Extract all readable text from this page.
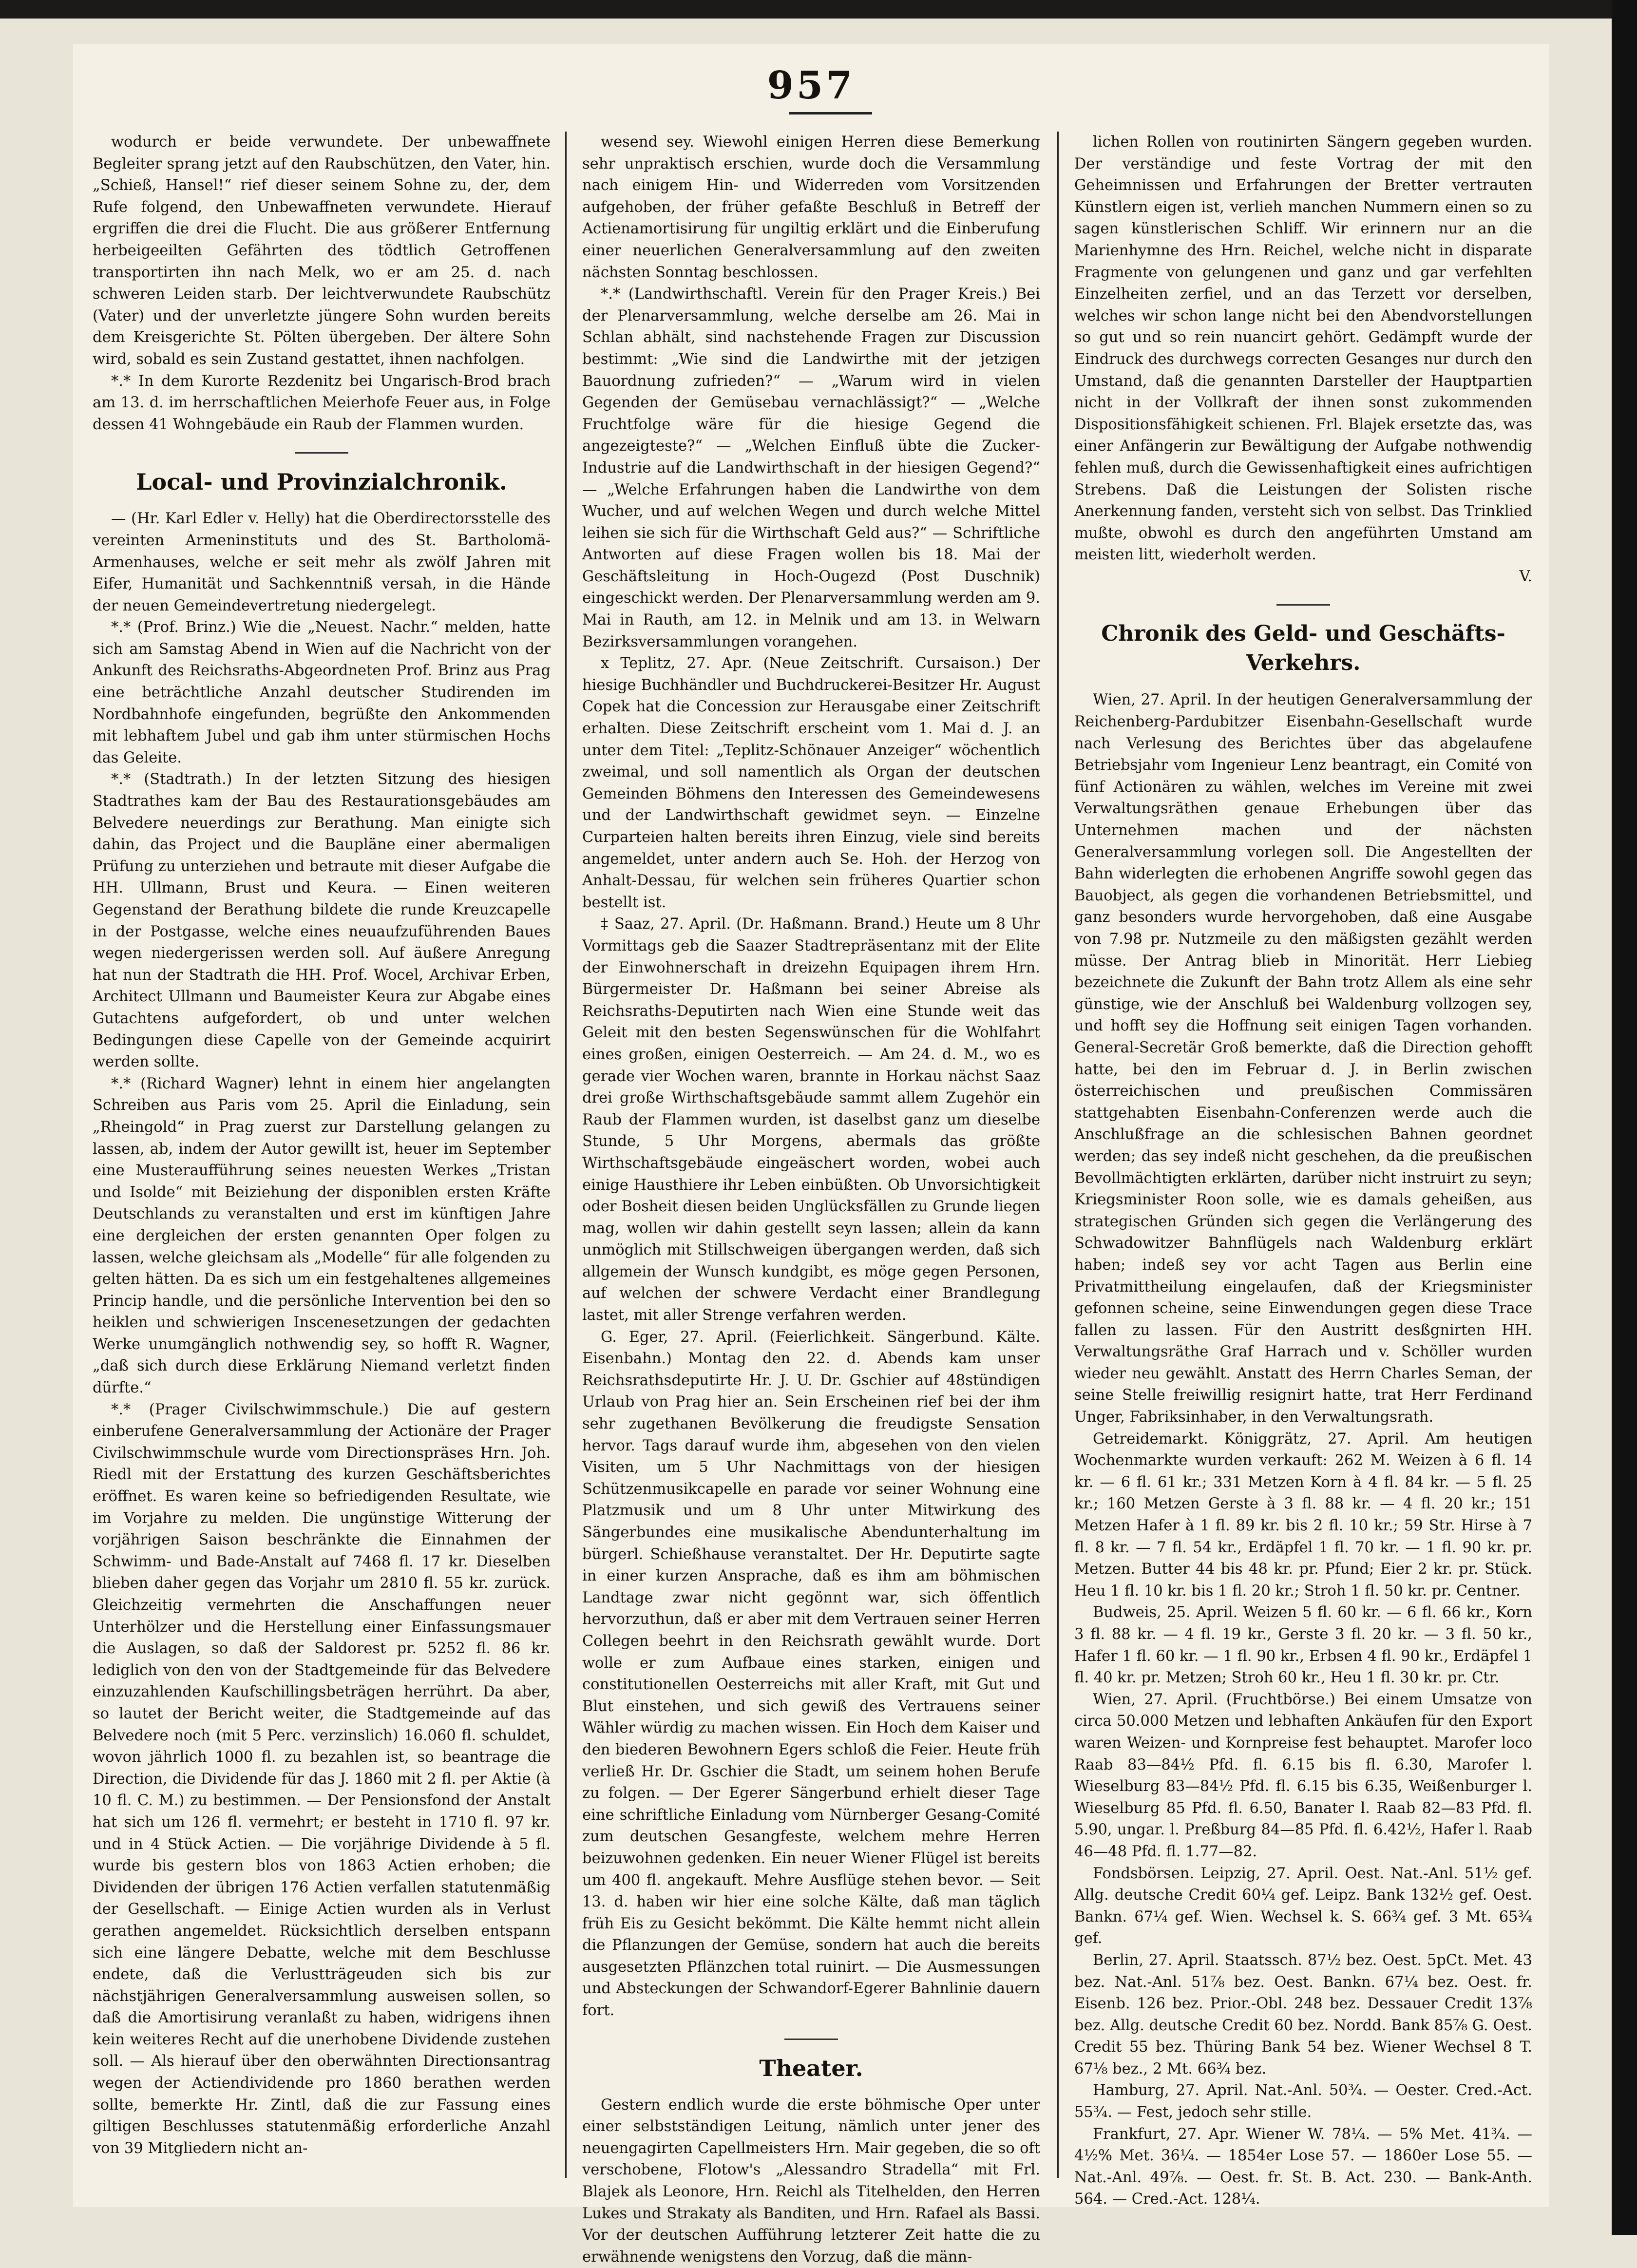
957

wodurch er beide verwundete. Der unbewaffnete Begleiter sprang jetzt auf den Raubschützen, den Vater, hin. „Schieß, Hansel!“ rief dieser seinem Sohne zu, der, dem Rufe folgend, den Unbewaffneten verwundete. Hierauf ergriffen die drei die Flucht. Die aus größerer Entfernung herbeigeeilten Gefährten des tödtlich Getroffenen transportirten ihn nach Melk, wo er am 25. d. nach schweren Leiden starb. Der leichtverwundete Raubschütz (Vater) und der unverletzte jüngere Sohn wurden bereits dem Kreisgerichte St. Pölten übergeben. Der ältere Sohn wird, sobald es sein Zustand gestattet, ihnen nachfolgen.

*.* In dem Kurorte Rezdenitz bei Ungarisch-Brod brach am 13. d. im herrschaftlichen Meierhofe Feuer aus, in Folge dessen 41 Wohngebäude ein Raub der Flammen wurden.

Local- und Provinzialchronik.

— (Hr. Karl Edler v. Helly) hat die Oberdirectorsstelle des vereinten Armeninstituts und des St. Bartholomä-Armenhauses, welche er seit mehr als zwölf Jahren mit Eifer, Humanität und Sachkenntniß versah, in die Hände der neuen Gemeindevertretung niedergelegt.

*.* (Prof. Brinz.) Wie die „Neuest. Nachr.“ melden, hatte sich am Samstag Abend in Wien auf die Nachricht von der Ankunft des Reichsraths-Abgeordneten Prof. Brinz aus Prag eine beträchtliche Anzahl deutscher Studirenden im Nordbahnhofe eingefunden, begrüßte den Ankommenden mit lebhaftem Jubel und gab ihm unter stürmischen Hochs das Geleite.

*.* (Stadtrath.) In der letzten Sitzung des hiesigen Stadtrathes kam der Bau des Restaurationsgebäudes am Belvedere neuerdings zur Berathung. Man einigte sich dahin, das Project und die Baupläne einer abermaligen Prüfung zu unterziehen und betraute mit dieser Aufgabe die HH. Ullmann, Brust und Keura. — Einen weiteren Gegenstand der Berathung bildete die runde Kreuzcapelle in der Postgasse, welche eines neuaufzuführenden Baues wegen niedergerissen werden soll. Auf äußere Anregung hat nun der Stadtrath die HH. Prof. Wocel, Archivar Erben, Architect Ullmann und Baumeister Keura zur Abgabe eines Gutachtens aufgefordert, ob und unter welchen Bedingungen diese Capelle von der Gemeinde acquirirt werden sollte.

*.* (Richard Wagner) lehnt in einem hier angelangten Schreiben aus Paris vom 25. April die Einladung, sein „Rheingold“ in Prag zuerst zur Darstellung gelangen zu lassen, ab, indem der Autor gewillt ist, heuer im September eine Musteraufführung seines neuesten Werkes „Tristan und Isolde“ mit Beiziehung der disponiblen ersten Kräfte Deutschlands zu veranstalten und erst im künftigen Jahre eine dergleichen der ersten genannten Oper folgen zu lassen, welche gleichsam als „Modelle“ für alle folgenden zu gelten hätten. Da es sich um ein festgehaltenes allgemeines Princip handle, und die persönliche Intervention bei den so heiklen und schwierigen Inscenesetzungen der gedachten Werke unumgänglich nothwendig sey, so hofft R. Wagner, „daß sich durch diese Erklärung Niemand verletzt finden dürfte.“

*.* (Prager Civilschwimmschule.) Die auf gestern einberufene Generalversammlung der Actionäre der Prager Civilschwimmschule wurde vom Directionspräses Hrn. Joh. Riedl mit der Erstattung des kurzen Geschäftsberichtes eröffnet. Es waren keine so befriedigenden Resultate, wie im Vorjahre zu melden. Die ungünstige Witterung der vorjährigen Saison beschränkte die Einnahmen der Schwimm- und Bade-Anstalt auf 7468 fl. 17 kr. Dieselben blieben daher gegen das Vorjahr um 2810 fl. 55 kr. zurück. Gleichzeitig vermehrten die Anschaffungen neuer Unterhölzer und die Herstellung einer Einfassungsmauer die Auslagen, so daß der Saldorest pr. 5252 fl. 86 kr. lediglich von den von der Stadtgemeinde für das Belvedere einzuzahlenden Kaufschillingsbeträgen herrührt. Da aber, so lautet der Bericht weiter, die Stadtgemeinde auf das Belvedere noch (mit 5 Perc. verzinslich) 16.060 fl. schuldet, wovon jährlich 1000 fl. zu bezahlen ist, so beantrage die Direction, die Dividende für das J. 1860 mit 2 fl. per Aktie (à 10 fl. C. M.) zu bestimmen. — Der Pensionsfond der Anstalt hat sich um 126 fl. vermehrt; er besteht in 1710 fl. 97 kr. und in 4 Stück Actien. — Die vorjährige Dividende à 5 fl. wurde bis gestern blos von 1863 Actien erhoben; die Dividenden der übrigen 176 Actien verfallen statutenmäßig der Gesellschaft. — Einige Actien wurden als in Verlust gerathen angemeldet. Rücksichtlich derselben entspann sich eine längere Debatte, welche mit dem Beschlusse endete, daß die Verlustträgeuden sich bis zur nächstjährigen Generalversammlung ausweisen sollen, so daß die Amortisirung veranlaßt zu haben, widrigens ihnen kein weiteres Recht auf die unerhobene Dividende zustehen soll. — Als hierauf über den oberwähnten Directionsantrag wegen der Actiendividende pro 1860 berathen werden sollte, bemerkte Hr. Zintl, daß die zur Fassung eines giltigen Beschlusses statutenmäßig erforderliche Anzahl von 39 Mitgliedern nicht an-

wesend sey. Wiewohl einigen Herren diese Bemerkung sehr unpraktisch erschien, wurde doch die Versammlung nach einigem Hin- und Widerreden vom Vorsitzenden aufgehoben, der früher gefaßte Beschluß in Betreff der Actienamortisirung für ungiltig erklärt und die Einberufung einer neuerlichen Generalversammlung auf den zweiten nächsten Sonntag beschlossen.

*.* (Landwirthschaftl. Verein für den Prager Kreis.) Bei der Plenarversammlung, welche derselbe am 26. Mai in Schlan abhält, sind nachstehende Fragen zur Discussion bestimmt: „Wie sind die Landwirthe mit der jetzigen Bauordnung zufrieden?“ — „Warum wird in vielen Gegenden der Gemüsebau vernachlässigt?“ — „Welche Fruchtfolge wäre für die hiesige Gegend die angezeigteste?“ — „Welchen Einfluß übte die Zucker-Industrie auf die Landwirthschaft in der hiesigen Gegend?“ — „Welche Erfahrungen haben die Landwirthe von dem Wucher, und auf welchen Wegen und durch welche Mittel leihen sie sich für die Wirthschaft Geld aus?“ — Schriftliche Antworten auf diese Fragen wollen bis 18. Mai der Geschäftsleitung in Hoch-Ougezd (Post Duschnik) eingeschickt werden. Der Plenarversammlung werden am 9. Mai in Rauth, am 12. in Melnik und am 13. in Welwarn Bezirksversammlungen vorangehen.

x Teplitz, 27. Apr. (Neue Zeitschrift. Cursaison.) Der hiesige Buchhändler und Buchdruckerei-Besitzer Hr. August Copek hat die Concession zur Herausgabe einer Zeitschrift erhalten. Diese Zeitschrift erscheint vom 1. Mai d. J. an unter dem Titel: „Teplitz-Schönauer Anzeiger“ wöchentlich zweimal, und soll namentlich als Organ der deutschen Gemeinden Böhmens den Interessen des Gemeindewesens und der Landwirthschaft gewidmet seyn. — Einzelne Curparteien halten bereits ihren Einzug, viele sind bereits angemeldet, unter andern auch Se. Hoh. der Herzog von Anhalt-Dessau, für welchen sein früheres Quartier schon bestellt ist.

‡ Saaz, 27. April. (Dr. Haßmann. Brand.) Heute um 8 Uhr Vormittags geb die Saazer Stadtrepräsentanz mit der Elite der Einwohnerschaft in dreizehn Equipagen ihrem Hrn. Bürgermeister Dr. Haßmann bei seiner Abreise als Reichsraths-Deputirten nach Wien eine Stunde weit das Geleit mit den besten Segenswünschen für die Wohlfahrt eines großen, einigen Oesterreich. — Am 24. d. M., wo es gerade vier Wochen waren, brannte in Horkau nächst Saaz drei große Wirthschaftsgebäude sammt allem Zugehör ein Raub der Flammen wurden, ist daselbst ganz um dieselbe Stunde, 5 Uhr Morgens, abermals das größte Wirthschaftsgebäude eingeäschert worden, wobei auch einige Hausthiere ihr Leben einbüßten. Ob Unvorsichtigkeit oder Bosheit diesen beiden Unglücksfällen zu Grunde liegen mag, wollen wir dahin gestellt seyn lassen; allein da kann unmöglich mit Stillschweigen übergangen werden, daß sich allgemein der Wunsch kundgibt, es möge gegen Personen, auf welchen der schwere Verdacht einer Brandlegung lastet, mit aller Strenge verfahren werden.

G. Eger, 27. April. (Feierlichkeit. Sängerbund. Kälte. Eisenbahn.) Montag den 22. d. Abends kam unser Reichsrathsdeputirte Hr. J. U. Dr. Gschier auf 48stündigen Urlaub von Prag hier an. Sein Erscheinen rief bei der ihm sehr zugethanen Bevölkerung die freudigste Sensation hervor. Tags darauf wurde ihm, abgesehen von den vielen Visiten, um 5 Uhr Nachmittags von der hiesigen Schützenmusikcapelle en parade vor seiner Wohnung eine Platzmusik und um 8 Uhr unter Mitwirkung des Sängerbundes eine musikalische Abendunterhaltung im bürgerl. Schießhause veranstaltet. Der Hr. Deputirte sagte in einer kurzen Ansprache, daß es ihm am böhmischen Landtage zwar nicht gegönnt war, sich öffentlich hervorzuthun, daß er aber mit dem Vertrauen seiner Herren Collegen beehrt in den Reichsrath gewählt wurde. Dort wolle er zum Aufbaue eines starken, einigen und constitutionellen Oesterreichs mit aller Kraft, mit Gut und Blut einstehen, und sich gewiß des Vertrauens seiner Wähler würdig zu machen wissen. Ein Hoch dem Kaiser und den biederen Bewohnern Egers schloß die Feier. Heute früh verließ Hr. Dr. Gschier die Stadt, um seinem hohen Berufe zu folgen. — Der Egerer Sängerbund erhielt dieser Tage eine schriftliche Einladung vom Nürnberger Gesang-Comité zum deutschen Gesangfeste, welchem mehre Herren beizuwohnen gedenken. Ein neuer Wiener Flügel ist bereits um 400 fl. angekauft. Mehre Ausflüge stehen bevor. — Seit 13. d. haben wir hier eine solche Kälte, daß man täglich früh Eis zu Gesicht bekömmt. Die Kälte hemmt nicht allein die Pflanzungen der Gemüse, sondern hat auch die bereits ausgesetzten Pflänzchen total ruinirt. — Die Ausmessungen und Absteckungen der Schwandorf-Egerer Bahnlinie dauern fort.

Theater.

Gestern endlich wurde die erste böhmische Oper unter einer selbstständigen Leitung, nämlich unter jener des neuengagirten Capellmeisters Hrn. Mair gegeben, die so oft verschobene, Flotow's „Alessandro Stradella“ mit Frl. Blajek als Leonore, Hrn. Reichl als Titelhelden, den Herren Lukes und Strakaty als Banditen, und Hrn. Rafael als Bassi. Vor der deutschen Aufführung letzterer Zeit hatte die zu erwähnende wenigstens den Vorzug, daß die männ-

lichen Rollen von routinirten Sängern gegeben wurden. Der verständige und feste Vortrag der mit den Geheimnissen und Erfahrungen der Bretter vertrauten Künstlern eigen ist, verlieh manchen Nummern einen so zu sagen künstlerischen Schliff. Wir erinnern nur an die Marienhymne des Hrn. Reichel, welche nicht in disparate Fragmente von gelungenen und ganz und gar verfehlten Einzelheiten zerfiel, und an das Terzett vor derselben, welches wir schon lange nicht bei den Abendvorstellungen so gut und so rein nuancirt gehört. Gedämpft wurde der Eindruck des durchwegs correcten Gesanges nur durch den Umstand, daß die genannten Darsteller der Hauptpartien nicht in der Vollkraft der ihnen sonst zukommenden Dispositionsfähigkeit schienen. Frl. Blajek ersetzte das, was einer Anfängerin zur Bewältigung der Aufgabe nothwendig fehlen muß, durch die Gewissenhaftigkeit eines aufrichtigen Strebens. Daß die Leistungen der Solisten rische Anerkennung fanden, versteht sich von selbst. Das Trinklied mußte, obwohl es durch den angeführten Umstand am meisten litt, wiederholt werden.

V.

Chronik des Geld- und Geschäfts-Verkehrs.

Wien, 27. April. In der heutigen Generalversammlung der Reichenberg-Pardubitzer Eisenbahn-Gesellschaft wurde nach Verlesung des Berichtes über das abgelaufene Betriebsjahr vom Ingenieur Lenz beantragt, ein Comité von fünf Actionären zu wählen, welches im Vereine mit zwei Verwaltungsräthen genaue Erhebungen über das Unternehmen machen und der nächsten Generalversammlung vorlegen soll. Die Angestellten der Bahn widerlegten die erhobenen Angriffe sowohl gegen das Bauobject, als gegen die vorhandenen Betriebsmittel, und ganz besonders wurde hervorgehoben, daß eine Ausgabe von 7.98 pr. Nutzmeile zu den mäßigsten gezählt werden müsse. Der Antrag blieb in Minorität. Herr Liebieg bezeichnete die Zukunft der Bahn trotz Allem als eine sehr günstige, wie der Anschluß bei Waldenburg vollzogen sey, und hofft sey die Hoffnung seit einigen Tagen vorhanden. General-Secretär Groß bemerkte, daß die Direction gehofft hatte, bei den im Februar d. J. in Berlin zwischen österreichischen und preußischen Commissären stattgehabten Eisenbahn-Conferenzen werde auch die Anschlußfrage an die schlesischen Bahnen geordnet werden; das sey indeß nicht geschehen, da die preußischen Bevollmächtigten erklärten, darüber nicht instruirt zu seyn; Kriegsminister Roon solle, wie es damals geheißen, aus strategischen Gründen sich gegen die Verlängerung des Schwadowitzer Bahnflügels nach Waldenburg erklärt haben; indeß sey vor acht Tagen aus Berlin eine Privatmittheilung eingelaufen, daß der Kriegsminister gefonnen scheine, seine Einwendungen gegen diese Trace fallen zu lassen. Für den Austritt desßgnirten HH. Verwaltungsräthe Graf Harrach und v. Schöller wurden wieder neu gewählt. Anstatt des Herrn Charles Seman, der seine Stelle freiwillig resignirt hatte, trat Herr Ferdinand Unger, Fabriksinhaber, in den Verwaltungsrath.

Getreidemarkt. Königgrätz, 27. April. Am heutigen Wochenmarkte wurden verkauft: 262 M. Weizen à 6 fl. 14 kr. — 6 fl. 61 kr.; 331 Metzen Korn à 4 fl. 84 kr. — 5 fl. 25 kr.; 160 Metzen Gerste à 3 fl. 88 kr. — 4 fl. 20 kr.; 151 Metzen Hafer à 1 fl. 89 kr. bis 2 fl. 10 kr.; 59 Str. Hirse à 7 fl. 8 kr. — 7 fl. 54 kr., Erdäpfel 1 fl. 70 kr. — 1 fl. 90 kr. pr. Metzen. Butter 44 bis 48 kr. pr. Pfund; Eier 2 kr. pr. Stück. Heu 1 fl. 10 kr. bis 1 fl. 20 kr.; Stroh 1 fl. 50 kr. pr. Centner.

Budweis, 25. April. Weizen 5 fl. 60 kr. — 6 fl. 66 kr., Korn 3 fl. 88 kr. — 4 fl. 19 kr., Gerste 3 fl. 20 kr. — 3 fl. 50 kr., Hafer 1 fl. 60 kr. — 1 fl. 90 kr., Erbsen 4 fl. 90 kr., Erdäpfel 1 fl. 40 kr. pr. Metzen; Stroh 60 kr., Heu 1 fl. 30 kr. pr. Ctr.

Wien, 27. April. (Fruchtbörse.) Bei einem Umsatze von circa 50.000 Metzen und lebhaften Ankäufen für den Export waren Weizen- und Kornpreise fest behauptet. Marofer loco Raab 83—84½ Pfd. fl. 6.15 bis fl. 6.30, Marofer l. Wieselburg 83—84½ Pfd. fl. 6.15 bis 6.35, Weißenburger l. Wieselburg 85 Pfd. fl. 6.50, Banater l. Raab 82—83 Pfd. fl. 5.90, ungar. l. Preßburg 84—85 Pfd. fl. 6.42½, Hafer l. Raab 46—48 Pfd. fl. 1.77—82.

Fondsbörsen. Leipzig, 27. April. Oest. Nat.-Anl. 51½ gef. Allg. deutsche Credit 60¼ gef. Leipz. Bank 132½ gef. Oest. Bankn. 67¼ gef. Wien. Wechsel k. S. 66¾ gef. 3 Mt. 65¾ gef.

Berlin, 27. April. Staatssch. 87½ bez. Oest. 5pCt. Met. 43 bez. Nat.-Anl. 51⅞ bez. Oest. Bankn. 67¼ bez. Oest. fr. Eisenb. 126 bez. Prior.-Obl. 248 bez. Dessauer Credit 13⅞ bez. Allg. deutsche Credit 60 bez. Nordd. Bank 85⅞ G. Oest. Credit 55 bez. Thüring Bank 54 bez. Wiener Wechsel 8 T. 67⅛ bez., 2 Mt. 66¾ bez.

Hamburg, 27. April. Nat.-Anl. 50¾. — Oester. Cred.-Act. 55¾. — Fest, jedoch sehr stille.

Frankfurt, 27. Apr. Wiener W. 78¼. — 5% Met. 41¾. — 4½% Met. 36¼. — 1854er Lose 57. — 1860er Lose 55. — Nat.-Anl. 49⅞. — Oest. fr. St. B. Act. 230. — Bank-Anth. 564. — Cred.-Act. 128¼.
